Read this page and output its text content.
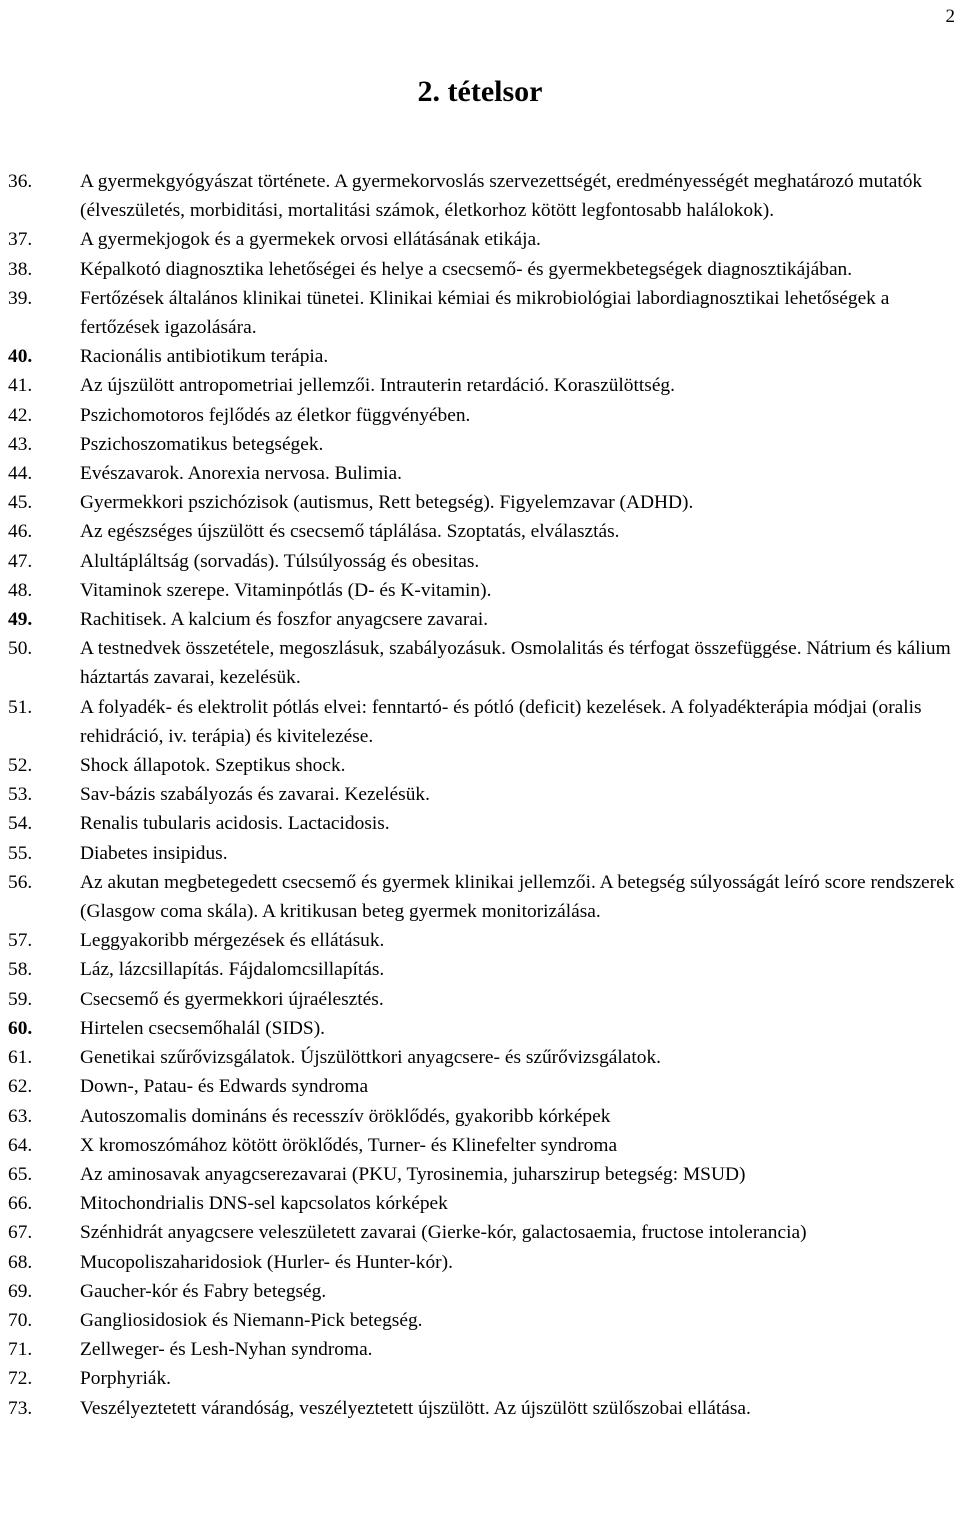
2
2. tételsor
36.	A gyermekgyógyászat története. A gyermekorvoslás szervezettségét, eredményességét meghatározó mutatók (élveszületés, morbiditási, mortalitási számok, életkorhoz kötött legfontosabb halálokok).
37.	A gyermekjogok és a gyermekek orvosi ellátásának etikája.
38.	Képalkotó diagnosztika lehetőségei és helye a csecsemő- és gyermekbetegségek diagnosztikájában.
39.	Fertőzések általános klinikai tünetei. Klinikai kémiai és mikrobiológiai labordiagnosztikai lehetőségek a fertőzések igazolására.
40.	Racionális antibiotikum terápia.
41.	Az újszülött antropometriai jellemzői. Intrauterin retardáció. Koraszülöttség.
42.	Pszichomotoros fejlődés az életkor függvényében.
43.	Pszichoszomatikus betegségek.
44.	Evészavarok. Anorexia nervosa. Bulimia.
45.	Gyermekkori pszichózisok (autismus, Rett betegség). Figyelemzavar (ADHD).
46.	Az egészséges újszülött és csecsemő táplálása. Szoptatás, elválasztás.
47.	Alultápláltság (sorvadás). Túlsúlyosság és obesitas.
48.	Vitaminok szerepe. Vitaminpótlás (D- és K-vitamin).
49.	Rachitisek. A kalcium és foszfor anyagcsere zavarai.
50.	A testnedvek összetétele, megoszlásuk, szabályozásuk. Osmolalitás és térfogat összefüggése. Nátrium és kálium háztartás zavarai, kezelésük.
51.	A folyadék- és elektrolit pótlás elvei: fenntartó- és pótló (deficit) kezelések. A folyadékterápia módjai (oralis rehidráció, iv. terápia) és kivitelezése.
52.	Shock állapotok. Szeptikus shock.
53.	Sav-bázis szabályozás és zavarai. Kezelésük.
54.	Renalis tubularis acidosis. Lactacidosis.
55.	Diabetes insipidus.
56.	Az akutan megbetegedett csecsemő és gyermek klinikai jellemzői. A betegség súlyosságát leíró score rendszerek (Glasgow coma skála). A kritikusan beteg gyermek monitorizálása.
57.	Leggyakoribb mérgezések és ellátásuk.
58.	Láz, lázcsillapítás. Fájdalomcsillapítás.
59.	Csecsemő és gyermekkori újraélesztés.
60.	Hirtelen csecsemőhalál (SIDS).
61.	Genetikai szűrővizsgálatok. Újszülöttkori anyagcsere- és szűrővizsgálatok.
62.	Down-, Patau- és Edwards syndroma
63.	Autoszomalis domináns és recesszív öröklődés, gyakoribb kórképek
64.	X kromoszómához kötött öröklődés, Turner- és Klinefelter syndroma
65.	Az aminosavak anyagcserezavarai (PKU, Tyrosinemia, juharszirup betegség: MSUD)
66.	Mitochondrialis DNS-sel kapcsolatos kórképek
67.	Szénhidrát anyagcsere veleszületett zavarai (Gierke-kór, galactosaemia, fructose intolerancia)
68.	Mucopoliszaharidosiok (Hurler- és Hunter-kór).
69.	Gaucher-kór és Fabry betegség.
70.	Gangliosidosiok és Niemann-Pick betegség.
71.	Zellweger- és Lesh-Nyhan syndroma.
72.	Porphyriák.
73.	Veszélyeztetett várandóság, veszélyeztetett újszülött. Az újszülött szülőszobai ellátása.
